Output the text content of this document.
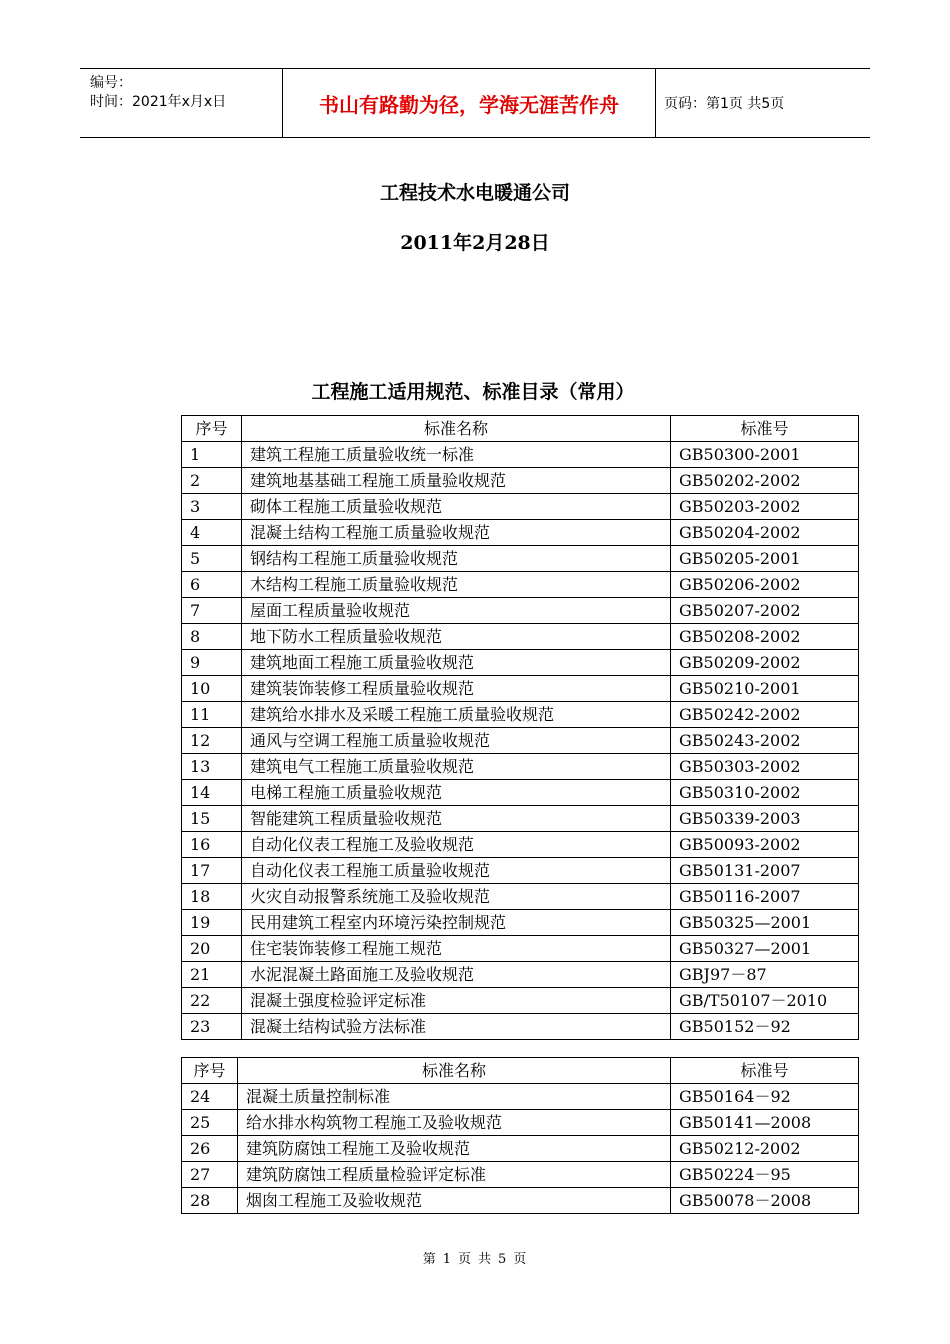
编号：
时间：2021年x月x日	书山有路勤为径，学海无涯苦作舟	页码：第1页 共5页
工程技术水电暖通公司
2011年2月28日
工程施工适用规范、标准目录（常用）
序号	标准名称	标准号
1	建筑工程施工质量验收统一标准	GB50300-2001
2	建筑地基基础工程施工质量验收规范	GB50202-2002
3	砌体工程施工质量验收规范	GB50203-2002
4	混凝土结构工程施工质量验收规范	GB50204-2002
5	钢结构工程施工质量验收规范	GB50205-2001
6	木结构工程施工质量验收规范	GB50206-2002
7	屋面工程质量验收规范	GB50207-2002
8	地下防水工程质量验收规范	GB50208-2002
9	建筑地面工程施工质量验收规范	GB50209-2002
10	建筑装饰装修工程质量验收规范	GB50210-2001
11	建筑给水排水及采暖工程施工质量验收规范	GB50242-2002
12	通风与空调工程施工质量验收规范	GB50243-2002
13	建筑电气工程施工质量验收规范	GB50303-2002
14	电梯工程施工质量验收规范	GB50310-2002
15	智能建筑工程质量验收规范	GB50339-2003
16	自动化仪表工程施工及验收规范	GB50093-2002
17	自动化仪表工程施工质量验收规范	GB50131-2007
18	火灾自动报警系统施工及验收规范	GB50116-2007
19	民用建筑工程室内环境污染控制规范	GB50325—2001
20	住宅装饰装修工程施工规范	GB50327—2001
21	水泥混凝土路面施工及验收规范	GBJ97－87
22	混凝土强度检验评定标准	GB/T50107－2010
23	混凝土结构试验方法标准	GB50152－92
序号	标准名称	标准号
24	混凝土质量控制标准	GB50164－92
25	给水排水构筑物工程施工及验收规范	GB50141—2008
26	建筑防腐蚀工程施工及验收规范	GB50212-2002
27	建筑防腐蚀工程质量检验评定标准	GB50224－95
28	烟囱工程施工及验收规范	GB50078－2008
第 1 页 共 5 页
